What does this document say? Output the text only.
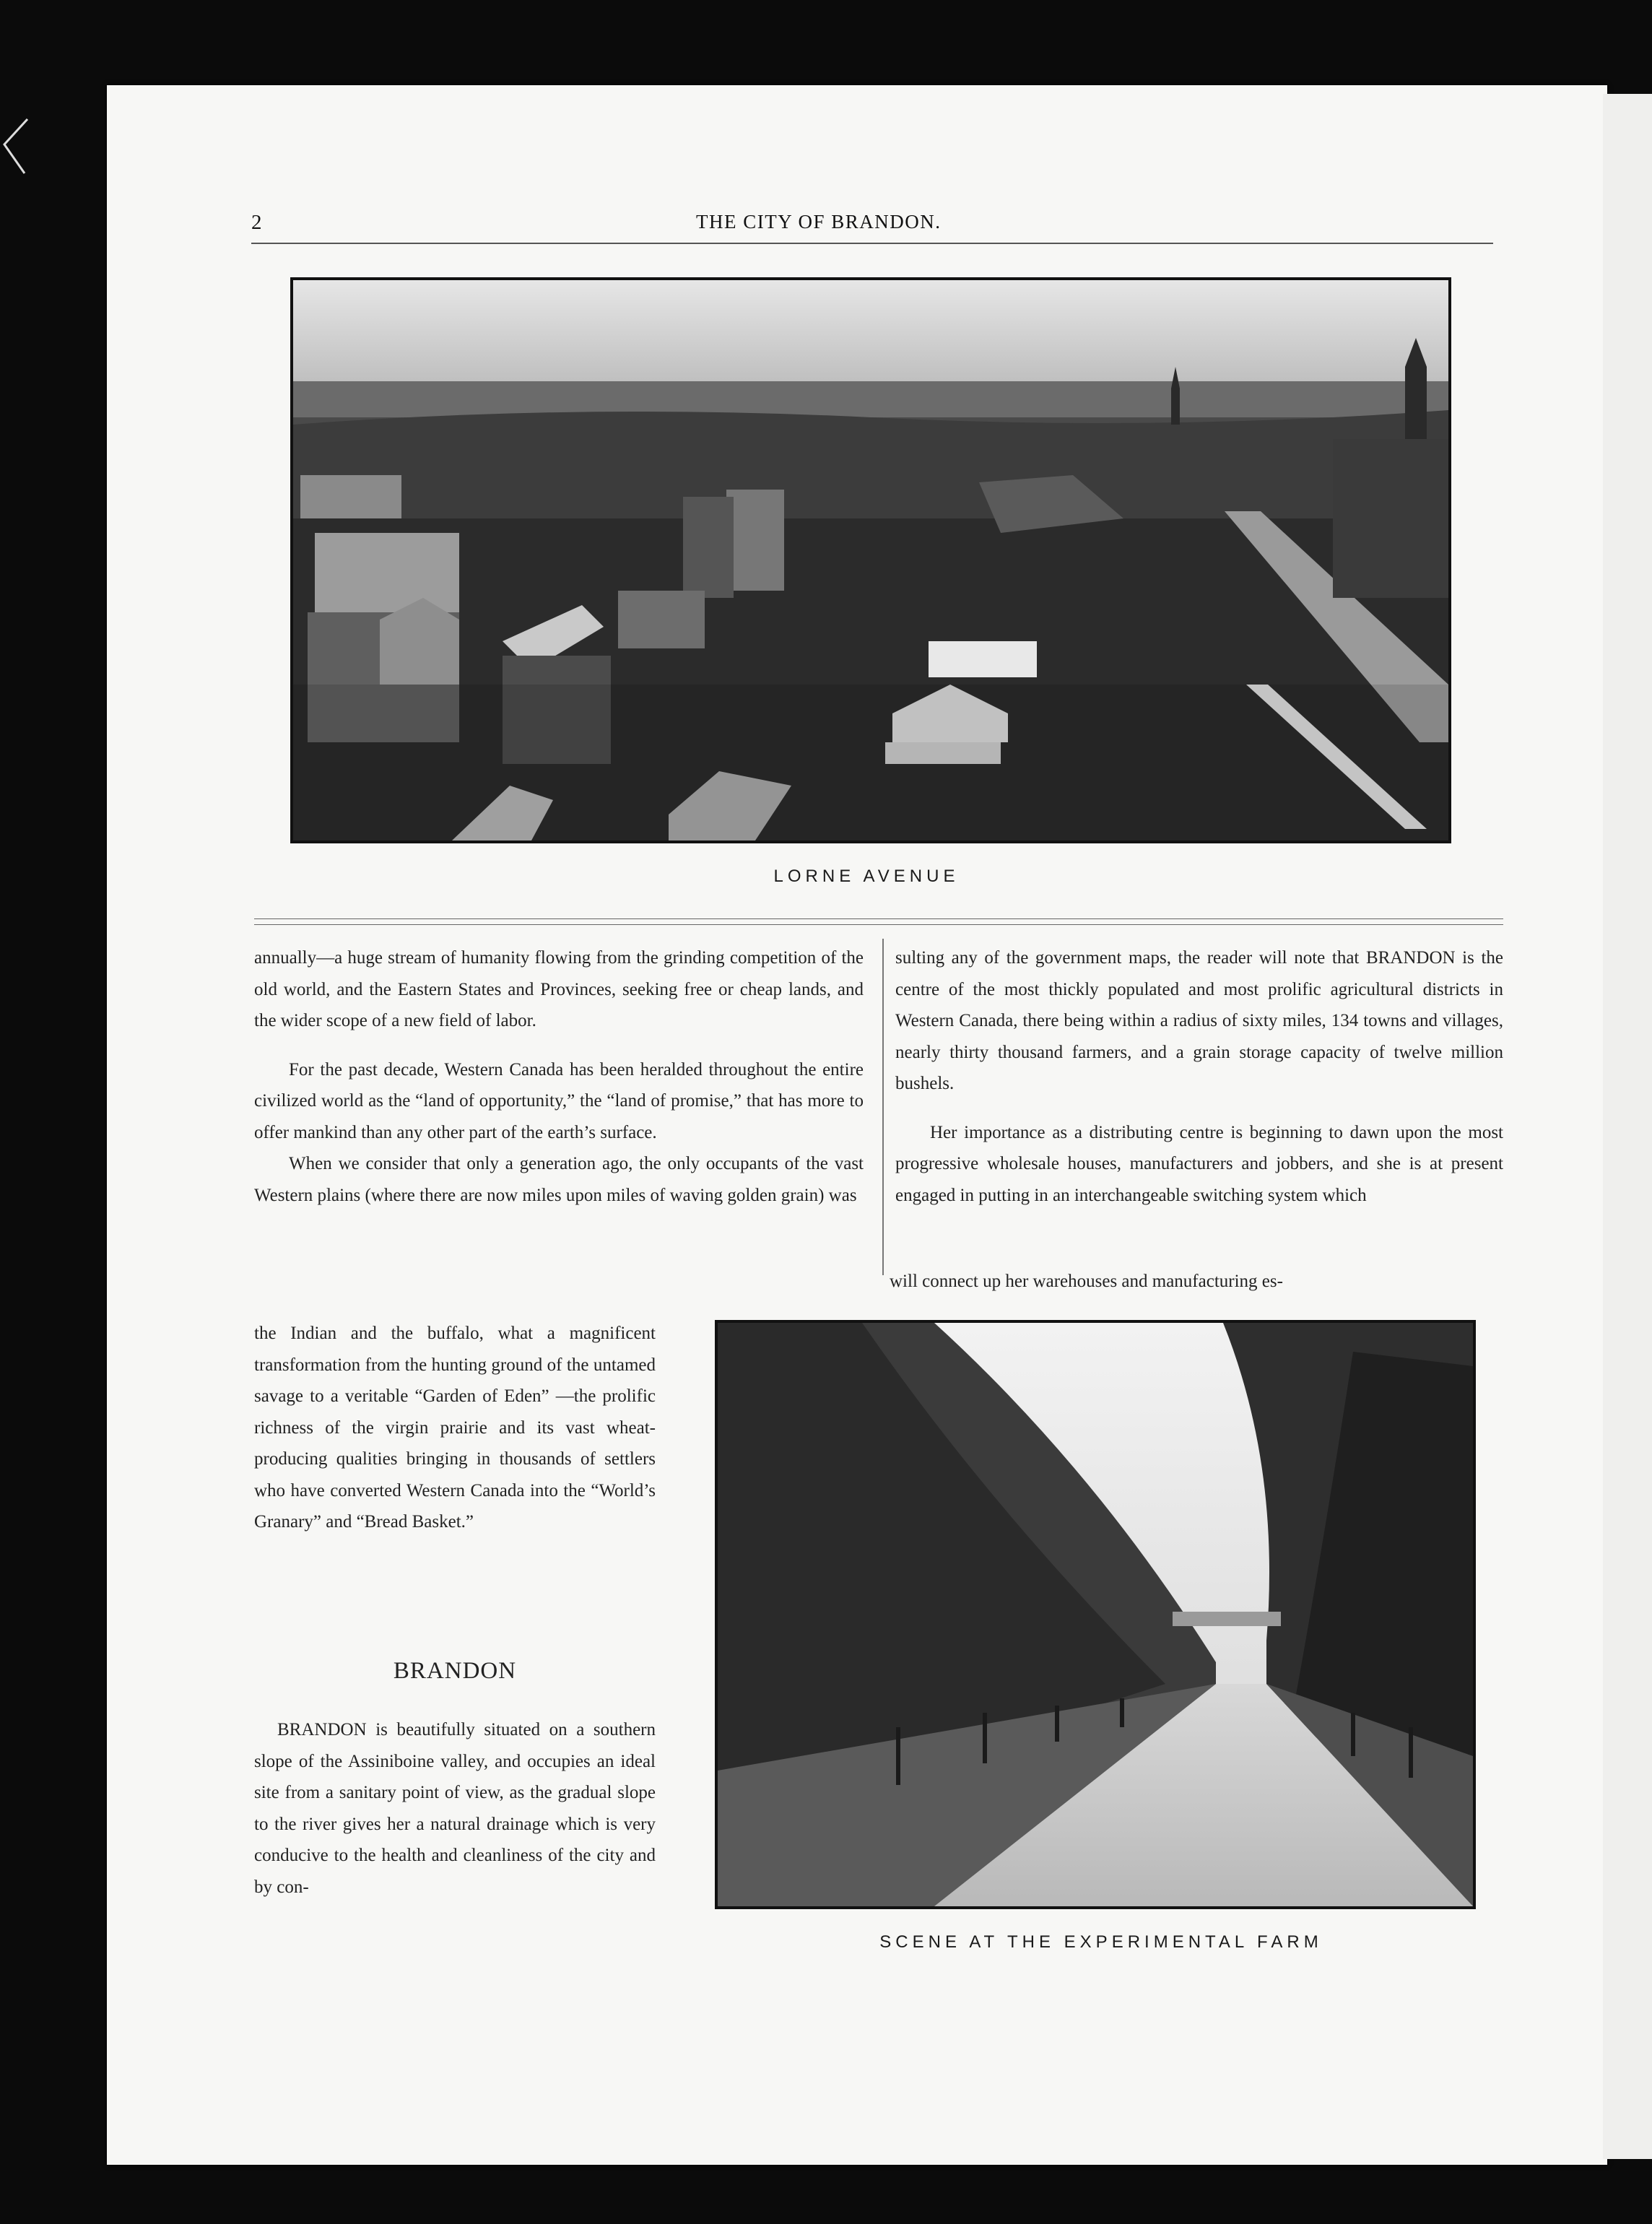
2	THE CITY OF BRANDON.
LORNE AVENUE

annually—a huge stream of humanity flowing from the grinding competition of the old world, and the Eastern States and Provinces, seeking free or cheap lands, and the wider scope of a new field of labor.

For the past decade, Western Canada has been heralded throughout the entire civilized world as the “land of opportunity,” the “land of promise,” that has more to offer mankind than any other part of the earth’s surface.

When we consider that only a generation ago, the only occupants of the vast Western plains (where there are now miles upon miles of waving golden grain) was

sulting any of the government maps, the reader will note that BRANDON is the centre of the most thickly populated and most prolific agricultural districts in Western Canada, there being within a radius of sixty miles, 134 towns and villages, nearly thirty thousand farmers, and a grain storage capacity of twelve million bushels.

Her importance as a distributing centre is beginning to dawn upon the most progressive wholesale houses, manufacturers and jobbers, and she is at present engaged in putting in an interchangeable switching system which

will connect up her warehouses and manufacturing es-

the Indian and the buffalo, what a magnificent transformation from the hunting ground of the untamed savage to a veritable “Garden of Eden” —the prolific richness of the virgin prairie and its vast wheat-producing qualities bringing in thousands of settlers who have converted Western Canada into the “World’s Granary” and “Bread Basket.”

BRANDON

BRANDON is beautifully situated on a southern slope of the Assiniboine valley, and occupies an ideal site from a sanitary point of view, as the gradual slope to the river gives her a natural drainage which is very conducive to the health and cleanliness of the city and by con-

SCENE AT THE EXPERIMENTAL FARM
